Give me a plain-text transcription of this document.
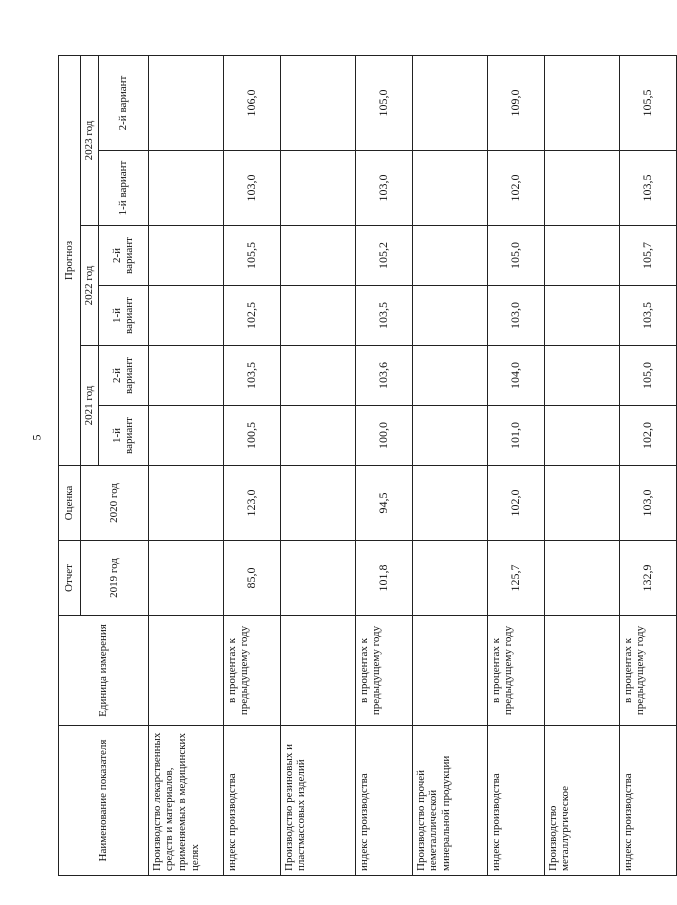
5
Наименование показателя	Единица измерения	Отчет	Оценка	Прогноз					
		2019 год	2020 год	2021 год		2022 год		2023 год	
				1-й вариант	2-й вариант	1-й вариант	2-й вариант	1-й вариант	2-й вариант
Производство лекарственных средств и материалов, применяемых в медицинских целях									
индекс производства	в процентах к предыдущему году	85,0	123,0	100,5	103,5	102,5	105,5	103,0	106,0
Производство резиновых и пластмассовых изделий									
индекс производства	в процентах к предыдущему году	101,8	94,5	100,0	103,6	103,5	105,2	103,0	105,0
Производство прочей неметаллической минеральной продукции									
индекс производства	в процентах к предыдущему году	125,7	102,0	101,0	104,0	103,0	105,0	102,0	109,0
Производство металлургическое									
индекс производства	в процентах к предыдущему году	132,9	103,0	102,0	105,0	103,5	105,7	103,5	105,5
